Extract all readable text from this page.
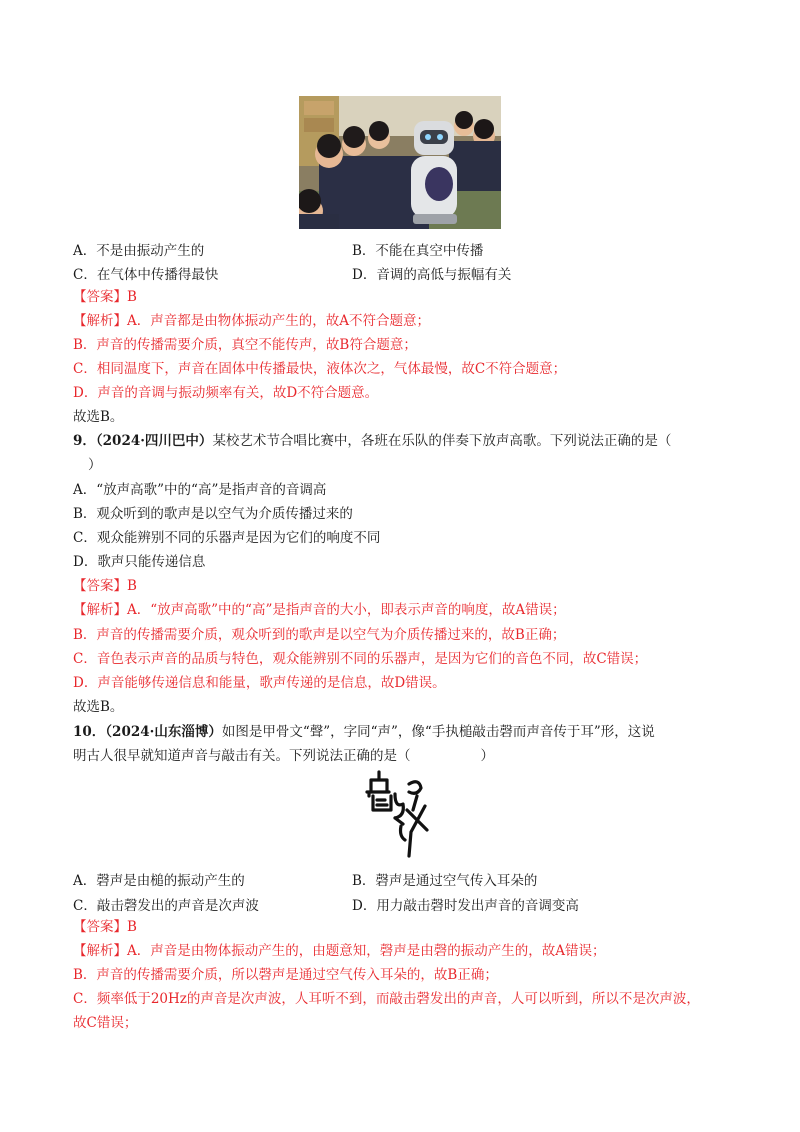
A．不是由振动产生的	B．不能在真空中传播
C．在气体中传播得最快	D．音调的高低与振幅有关
【答案】B
【解析】A．声音都是由物体振动产生的，故A不符合题意；
B．声音的传播需要介质，真空不能传声，故B符合题意；
C．相同温度下，声音在固体中传播最快，液体次之，气体最慢，故C不符合题意；
D．声音的音调与振动频率有关，故D不符合题意。
故选B。
9．（2024·四川巴中）某校艺术节合唱比赛中，各班在乐队的伴奏下放声高歌。下列说法正确的是（
）
A．“放声高歌”中的“高”是指声音的音调高
B．观众听到的歌声是以空气为介质传播过来的
C．观众能辨别不同的乐器声是因为它们的响度不同
D．歌声只能传递信息
【答案】B
【解析】A．“放声高歌”中的“高”是指声音的大小，即表示声音的响度，故A错误；
B．声音的传播需要介质，观众听到的歌声是以空气为介质传播过来的，故B正确；
C．音色表示声音的品质与特色，观众能辨别不同的乐器声，是因为它们的音色不同，故C错误；
D．声音能够传递信息和能量，歌声传递的是信息，故D错误。
故选B。
10．（2024·山东淄博）如图是甲骨文“聲”，字同“声”，像“手执槌敲击磬而声音传于耳”形，这说
明古人很早就知道声音与敲击有关。下列说法正确的是（	）
A．磬声是由槌的振动产生的	B．磬声是通过空气传入耳朵的
C．敲击磬发出的声音是次声波	D．用力敲击磬时发出声音的音调变高
【答案】B
【解析】A．声音是由物体振动产生的，由题意知，磬声是由磬的振动产生的，故A错误；
B．声音的传播需要介质，所以磬声是通过空气传入耳朵的，故B正确；
C．频率低于20Hz的声音是次声波，人耳听不到，而敲击磬发出的声音，人可以听到，所以不是次声波，
故C错误；
